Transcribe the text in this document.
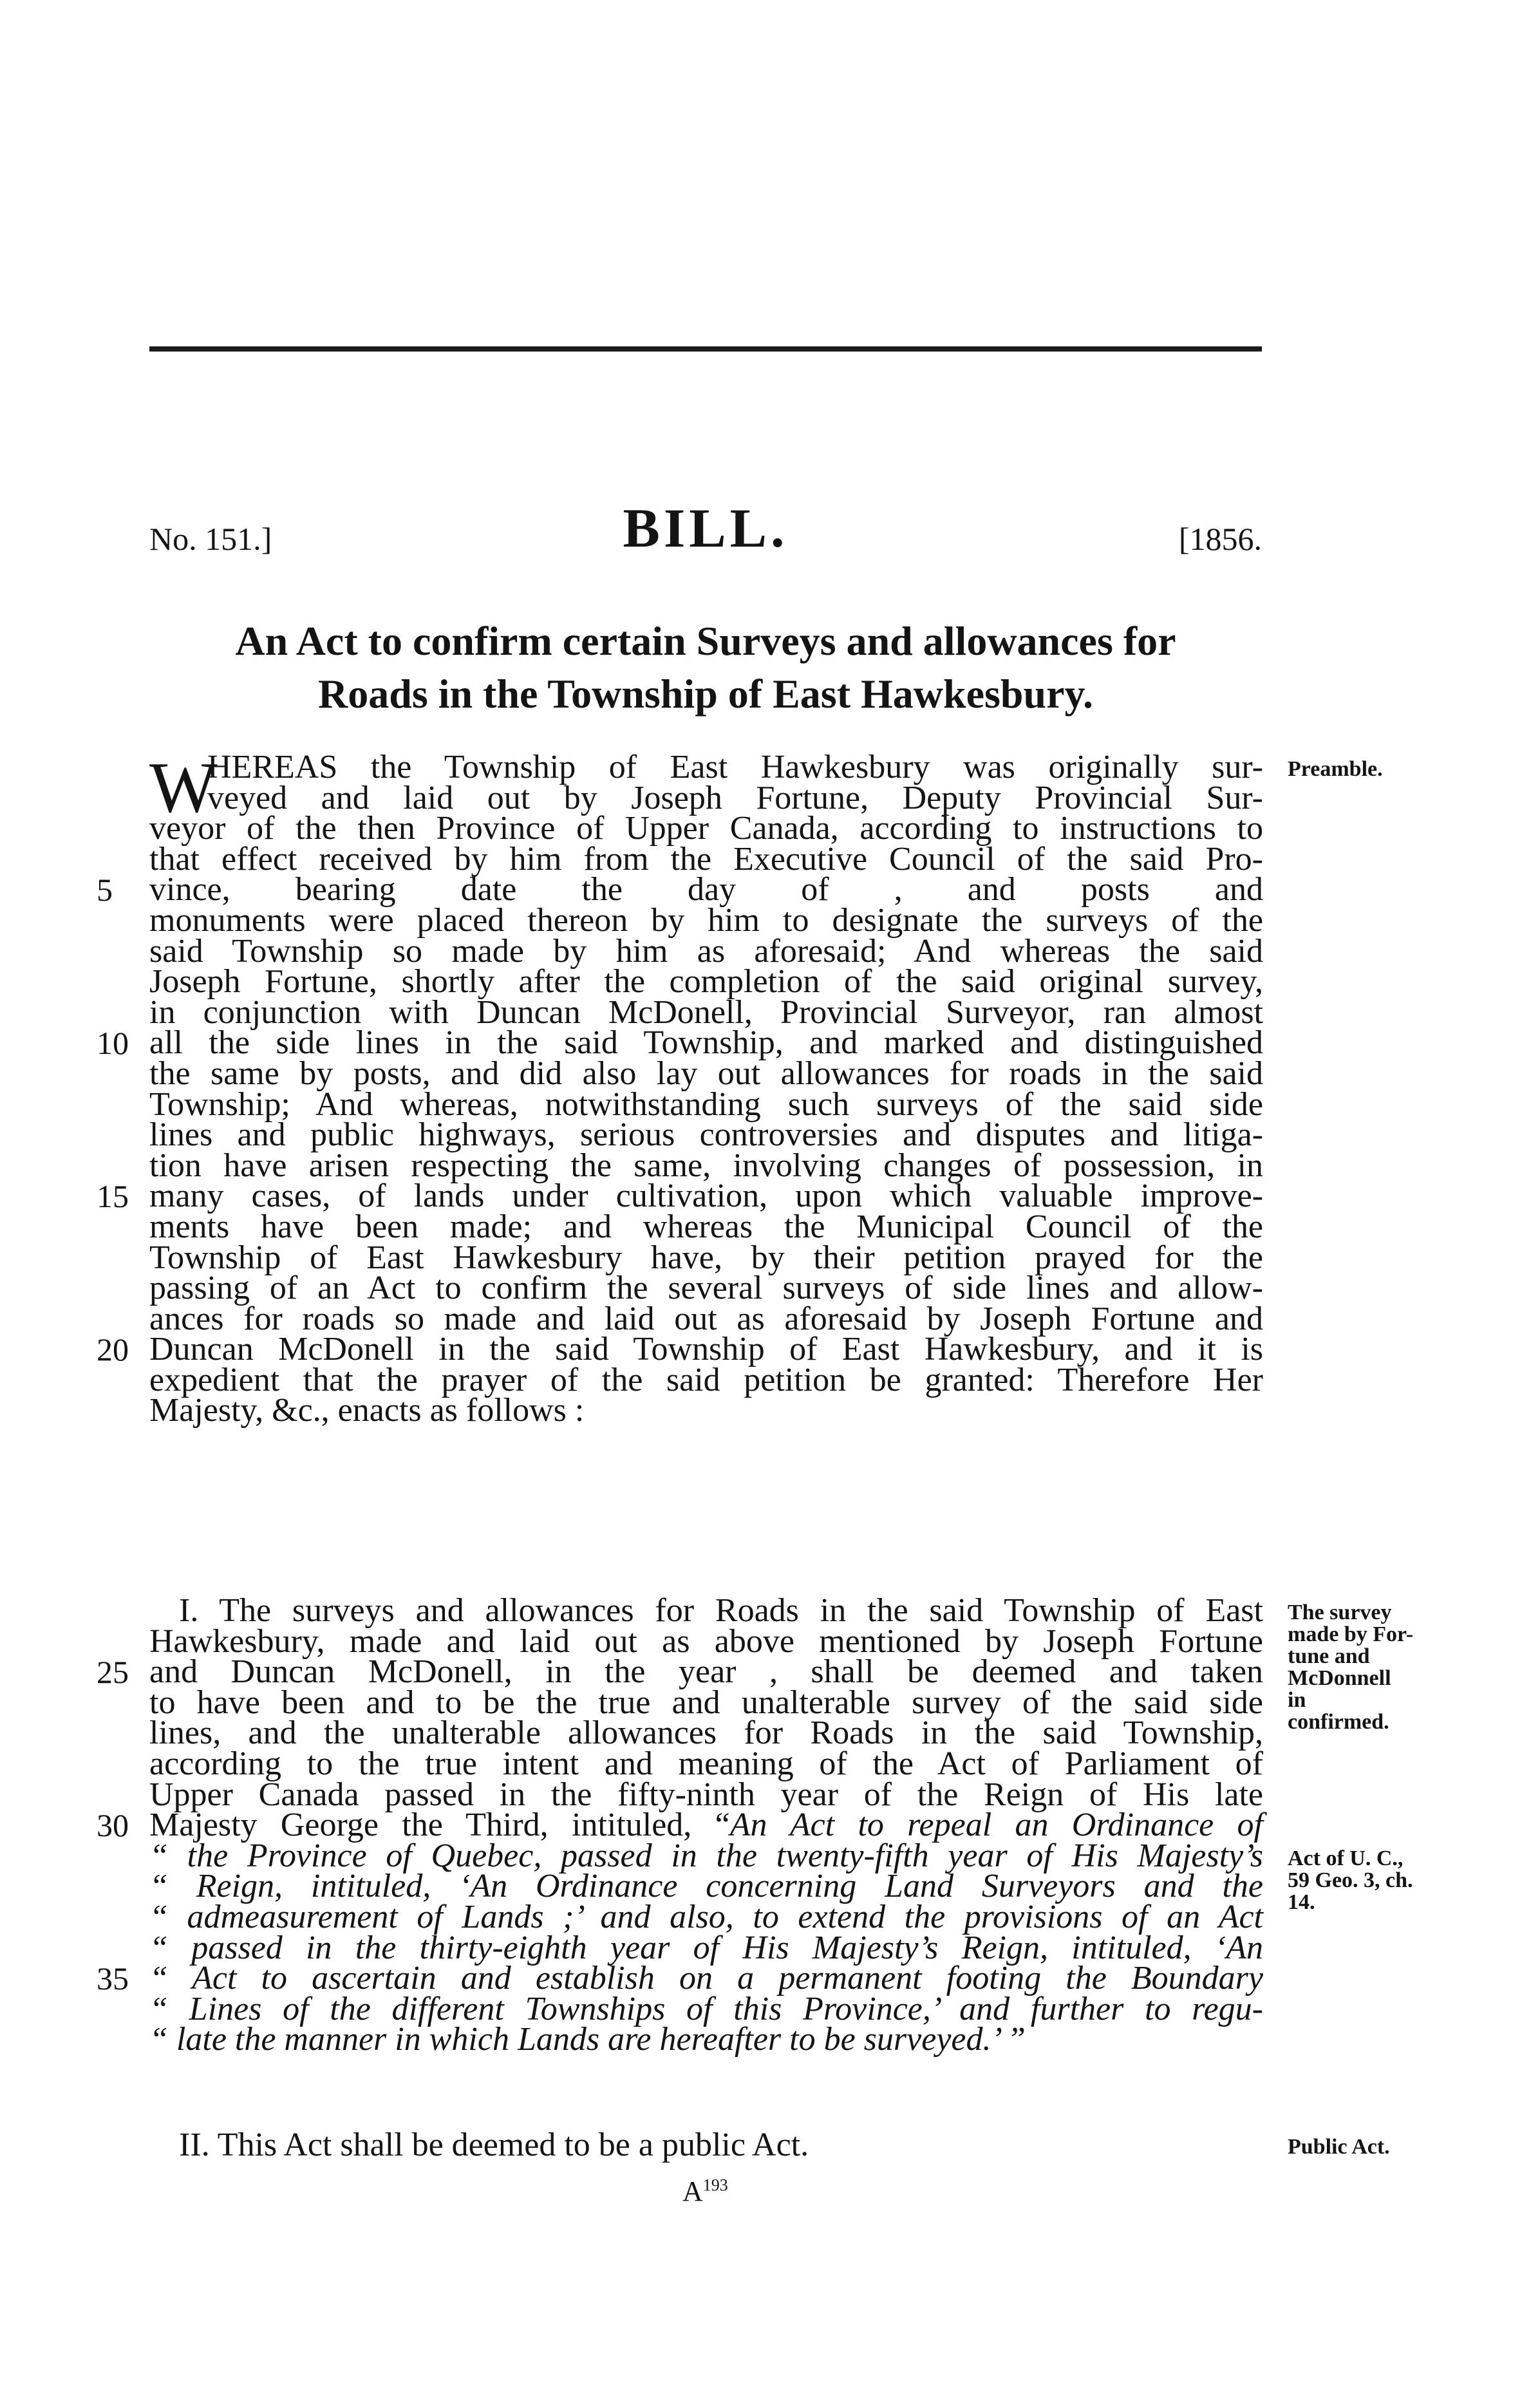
No. 151.]	BILL.	[1856.
An Act to confirm certain Surveys and allowances for
Roads in the Township of East Hawkesbury.
W
HEREAS the Township of East Hawkesbury was originally sur-
veyed and laid out by Joseph Fortune, Deputy Provincial Sur-
veyor of the then Province of Upper Canada, according to instructions to
that effect received by him from the Executive Council of the said Pro-
vince, bearing date the day of , and posts and
monuments were placed thereon by him to designate the surveys of the
said Township so made by him as aforesaid; And whereas the said
Joseph Fortune, shortly after the completion of the said original survey,
in conjunction with Duncan McDonell, Provincial Surveyor, ran almost
all the side lines in the said Township, and marked and distinguished
the same by posts, and did also lay out allowances for roads in the said
Township; And whereas, notwithstanding such surveys of the said side
lines and public highways, serious controversies and disputes and litiga-
tion have arisen respecting the same, involving changes of possession, in
many cases, of lands under cultivation, upon which valuable improve-
ments have been made; and whereas the Municipal Council of the
Township of East Hawkesbury have, by their petition prayed for the
passing of an Act to confirm the several surveys of side lines and allow-
ances for roads so made and laid out as aforesaid by Joseph Fortune and
Duncan McDonell in the said Township of East Hawkesbury, and it is
expedient that the prayer of the said petition be granted: Therefore Her
Majesty, &c., enacts as follows :
I. The surveys and allowances for Roads in the said Township of East
Hawkesbury, made and laid out as above mentioned by Joseph Fortune
and Duncan McDonell, in the year , shall be deemed and taken
to have been and to be the true and unalterable survey of the said side
lines, and the unalterable allowances for Roads in the said Township,
according to the true intent and meaning of the Act of Parliament of
Upper Canada passed in the fifty-ninth year of the Reign of His late
Majesty George the Third, intituled, “An Act to repeal an Ordinance of
“ the Province of Quebec, passed in the twenty-fifth year of His Majesty’s
“ Reign, intituled, ‘An Ordinance concerning Land Surveyors and the
“ admeasurement of Lands ;’ and also, to extend the provisions of an Act
“ passed in the thirty-eighth year of His Majesty’s Reign, intituled, ‘An
“ Act to ascertain and establish on a permanent footing the Boundary
“ Lines of the different Townships of this Province,’ and further to regu-
“ late the manner in which Lands are hereafter to be surveyed.’ ”
II. This Act shall be deemed to be a public Act.
$A^{193}$
5
10
15
20
25
30
35
Preamble.
The survey
made by For-
tune and
McDonnell
in
confirmed.
Act of U. C.,
59 Geo. 3, ch.
14.
Public Act.
